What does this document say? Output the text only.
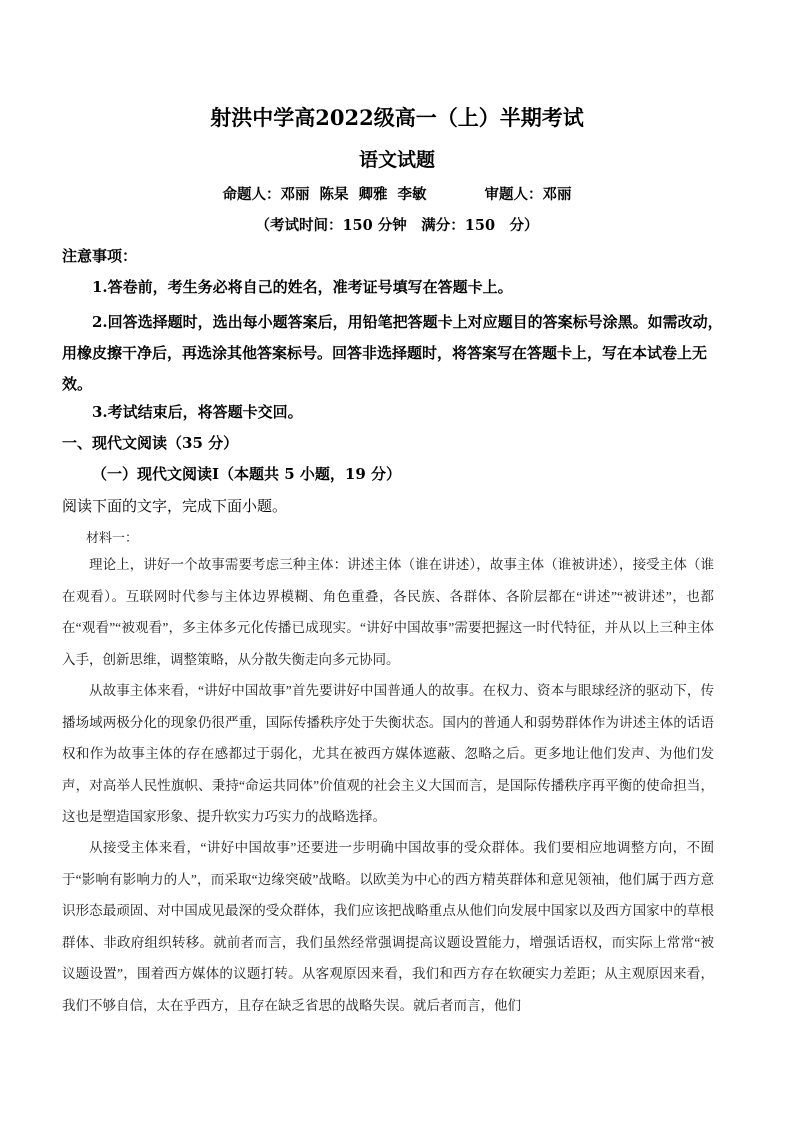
射洪中学高2022级高一（上）半期考试
语文试题
命题人：邓丽 陈杲 卿雅 李敏	审题人：邓丽
（考试时间：150 分钟　满分：150　分）
注意事项：
1.答卷前，考生务必将自己的姓名，准考证号填写在答题卡上。
2.回答选择题时，选出每小题答案后，用铅笔把答题卡上对应题目的答案标号涂黑。如需改动，用橡皮擦干净后，再选涂其他答案标号。回答非选择题时，将答案写在答题卡上，写在本试卷上无效。
3.考试结束后，将答题卡交回。
一、现代文阅读（35 分）
（一）现代文阅读Ⅰ（本题共 5 小题，19 分）
阅读下面的文字，完成下面小题。
材料一：

理论上，讲好一个故事需要考虑三种主体：讲述主体（谁在讲述），故事主体（谁被讲述），接受主体（谁在观看）。互联网时代参与主体边界模糊、角色重叠，各民族、各群体、各阶层都在“讲述”“被讲述”，也都在“观看”“被观看”，多主体多元化传播已成现实。“讲好中国故事”需要把握这一时代特征，并从以上三种主体入手，创新思维，调整策略，从分散失衡走向多元协同。

从故事主体来看，“讲好中国故事”首先要讲好中国普通人的故事。在权力、资本与眼球经济的驱动下，传播场域两极分化的现象仍很严重，国际传播秩序处于失衡状态。国内的普通人和弱势群体作为讲述主体的话语权和作为故事主体的存在感都过于弱化，尤其在被西方媒体遮蔽、忽略之后。更多地让他们发声、为他们发声，对高举人民性旗帜、秉持“命运共同体”价值观的社会主义大国而言，是国际传播秩序再平衡的使命担当，这也是塑造国家形象、提升软实力巧实力的战略选择。

从接受主体来看，“讲好中国故事”还要进一步明确中国故事的受众群体。我们要相应地调整方向，不囿于“影响有影响力的人”，而采取“边缘突破”战略。以欧美为中心的西方精英群体和意见领袖，他们属于西方意识形态最顽固、对中国成见最深的受众群体，我们应该把战略重点从他们向发展中国家以及西方国家中的草根群体、非政府组织转移。就前者而言，我们虽然经常强调提高议题设置能力，增强话语权，而实际上常常“被议题设置”，围着西方媒体的议题打转。从客观原因来看，我们和西方存在软硬实力差距；从主观原因来看，我们不够自信，太在乎西方，且存在缺乏省思的战略失误。就后者而言，他们
